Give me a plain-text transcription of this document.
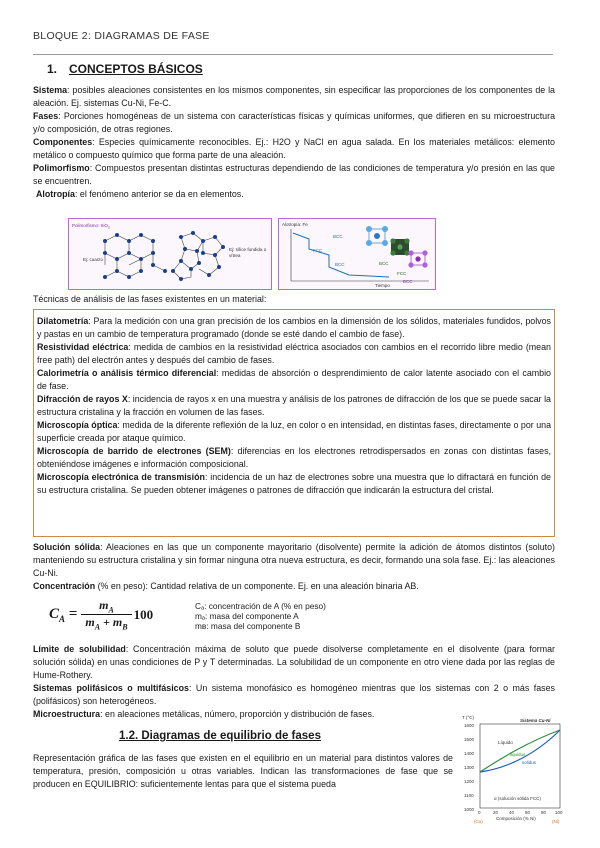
BLOQUE 2: DIAGRAMAS DE FASE
1. CONCEPTOS BÁSICOS
Sistema: posibles aleaciones consistentes en los mismos componentes, sin especificar las proporciones de los componentes de la aleación. Ej. sistemas Cu-Ni, Fe-C.
Fases: Porciones homogéneas de un sistema con características físicas y químicas uniformes, que difieren en su microestructura y/o composición, de otras regiones.
Componentes: Especies químicamente reconocibles. Ej.: H2O y NaCl en agua salada. En los materiales metálicos: elemento metálico o compuesto químico que forma parte de una aleación.
Polimorfismo: Compuestos presentan distintas estructuras dependiendo de las condiciones de temperatura y/o presión en las que se encuentren.
Alotropía: el fenómeno anterior se da en elementos.
Polimorfismo: SiO$_2$
Ej: cuarzo
Ej: sílice fundida o vítrea
Alotropía: Fe
Tiempo
BCC
FCC
BCC	BCC
FCC
BCC
Técnicas de análisis de las fases existentes en un material:
Dilatometría: Para la medición con una gran precisión de los cambios en la dimensión de los sólidos, materiales fundidos, polvos y pastas en un cambio de temperatura programado (donde se esté dando el cambio de fase).
Resistividad eléctrica: medida de cambios en la resistividad eléctrica asociados con cambios en el recorrido libre medio (mean free path) del electrón antes y después del cambio de fases.
Calorimetría o análisis térmico diferencial: medidas de absorción o desprendimiento de calor latente asociado con el cambio de fase.
Difracción de rayos X: incidencia de rayos x en una muestra y análisis de los patrones de difracción de los que se puede sacar la estructura cristalina y la fracción en volumen de las fases.
Microscopía óptica: medida de la diferente reflexión de la luz, en color o en intensidad, en distintas fases, directamente o por una superficie creada por ataque químico.
Microscopía de barrido de electrones (SEM): diferencias en los electrones retrodispersados en zonas con distintas fases, obteniéndose imágenes e información composicional.
Microscopía electrónica de transmisión: incidencia de un haz de electrones sobre una muestra que lo difractará en función de su estructura cristalina. Se pueden obtener imágenes o patrones de difracción que indicarán la estructura del cristal.
Solución sólida: Aleaciones en las que un componente mayoritario (disolvente) permite la adición de átomos distintos (soluto) manteniendo su estructura cristalina y sin formar ninguna otra nueva estructura, es decir, formando una sola fase. Ej.: las aleaciones Cu-Ni.
Concentración (% en peso): Cantidad relativa de un componente. Ej. en una aleación binaria AB.
$C_A$ =	$m_A$	100
$m_A + m_B$
Cₐ: concentración de A (% en peso)
mₐ: masa del componente A
mʙ: masa del componente B
Límite de solubilidad: Concentración máxima de soluto que puede disolverse completamente en el disolvente (para formar solución sólida) en unas condiciones de P y T determinadas. La solubilidad de un componente en otro viene dada por las reglas de Hume-Rothery.
Sistemas polifásicos o multifásicos: Un sistema monofásico es homogéneo mientras que los sistemas con 2 o más fases (polifásicos) son heterogéneos.
Microestructura: en aleaciones metálicas, número, proporción y distribución de fases.
1.2. Diagramas de equilibrio de fases
Representación gráfica de las fases que existen en el equilibrio en un material para distintos valores de temperatura, presión, composición u otras variables. Indican las transformaciones de fase que se producen en EQUILIBRIO: suficientemente lentas para que el sistema pueda
T (°C)
Sistema Cu-Ni
1600
1500
1400
1300
1200
1100
1000
Líquido
liquidus
solidus
α (solución sólida FCC)
0	20 40 60 80 100
Composición (% Ni)
(Cu)	(Ni)
